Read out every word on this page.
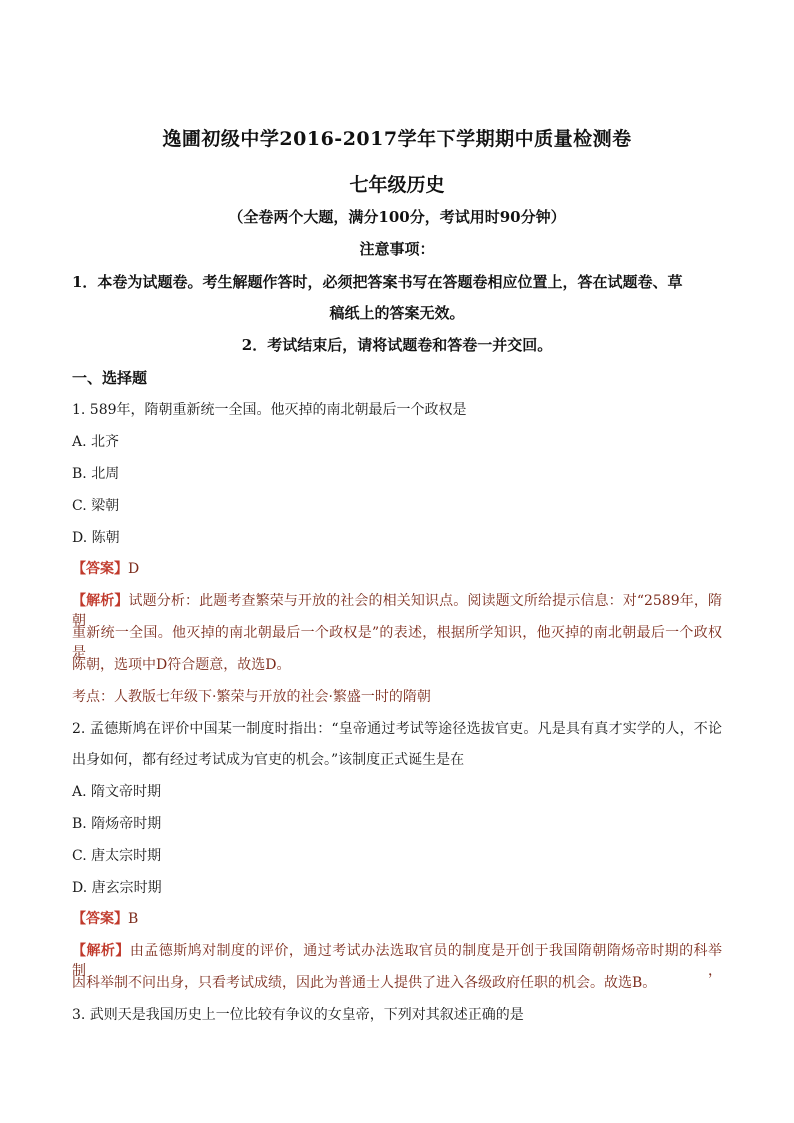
逸圃初级中学2016-2017学年下学期期中质量检测卷
七年级历史
（全卷两个大题，满分100分，考试用时90分钟）
注意事项：
1．本卷为试题卷。考生解题作答时，必须把答案书写在答题卷相应位置上，答在试题卷、草
稿纸上的答案无效。
2．考试结束后，请将试题卷和答卷一并交回。
一、选择题
1. 589年，隋朝重新统一全国。他灭掉的南北朝最后一个政权是
A. 北齐
B. 北周
C. 梁朝
D. 陈朝
【答案】D
【解析】试题分析：此题考查繁荣与开放的社会的相关知识点。阅读题文所给提示信息：对“2589年，隋朝
重新统一全国。他灭掉的南北朝最后一个政权是”的表述，根据所学知识，他灭掉的南北朝最后一个政权是
陈朝，选项中D符合题意，故选D。
考点：人教版七年级下·繁荣与开放的社会·繁盛一时的隋朝
2. 孟德斯鸠在评价中国某一制度时指出：“皇帝通过考试等途径选拔官吏。凡是具有真才实学的人，不论
出身如何，都有经过考试成为官吏的机会。”该制度正式诞生是在
A. 隋文帝时期
B. 隋炀帝时期
C. 唐太宗时期
D. 唐玄宗时期
【答案】B
【解析】由孟德斯鸠对制度的评价，通过考试办法选取官员的制度是开创于我国隋朝隋炀帝时期的科举制，
因科举制不问出身，只看考试成绩，因此为普通士人提供了进入各级政府任职的机会。故选B。
3. 武则天是我国历史上一位比较有争议的女皇帝，下列对其叙述正确的是
